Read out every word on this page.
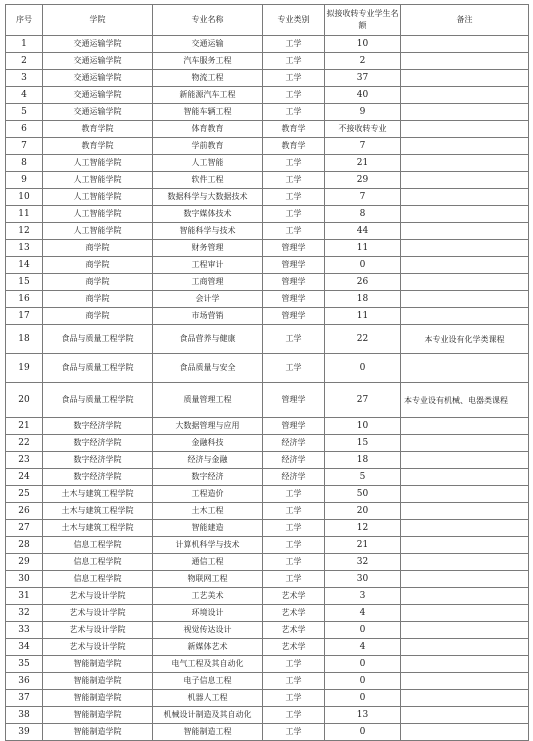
序号	学院	专业名称	专业类别	拟接收转专业学生名额	备注
1	交通运输学院	交通运输	工学	10	
2	交通运输学院	汽车服务工程	工学	2	
3	交通运输学院	物流工程	工学	37	
4	交通运输学院	新能源汽车工程	工学	40	
5	交通运输学院	智能车辆工程	工学	9	
6	教育学院	体育教育	教育学	不接收转专业	
7	教育学院	学前教育	教育学	7	
8	人工智能学院	人工智能	工学	21	
9	人工智能学院	软件工程	工学	29	
10	人工智能学院	数据科学与大数据技术	工学	7	
11	人工智能学院	数字媒体技术	工学	8	
12	人工智能学院	智能科学与技术	工学	44	
13	商学院	财务管理	管理学	11	
14	商学院	工程审计	管理学	0	
15	商学院	工商管理	管理学	26	
16	商学院	会计学	管理学	18	
17	商学院	市场营销	管理学	11	
18	食品与质量工程学院	食品营养与健康	工学	22	本专业设有化学类课程
19	食品与质量工程学院	食品质量与安全	工学	0	
20	食品与质量工程学院	质量管理工程	管理学	27	本专业设有机械、电器类课程
21	数字经济学院	大数据管理与应用	管理学	10	
22	数字经济学院	金融科技	经济学	15	
23	数字经济学院	经济与金融	经济学	18	
24	数字经济学院	数字经济	经济学	5	
25	土木与建筑工程学院	工程造价	工学	50	
26	土木与建筑工程学院	土木工程	工学	20	
27	土木与建筑工程学院	智能建造	工学	12	
28	信息工程学院	计算机科学与技术	工学	21	
29	信息工程学院	通信工程	工学	32	
30	信息工程学院	物联网工程	工学	30	
31	艺术与设计学院	工艺美术	艺术学	3	
32	艺术与设计学院	环境设计	艺术学	4	
33	艺术与设计学院	视觉传达设计	艺术学	0	
34	艺术与设计学院	新媒体艺术	艺术学	4	
35	智能制造学院	电气工程及其自动化	工学	0	
36	智能制造学院	电子信息工程	工学	0	
37	智能制造学院	机器人工程	工学	0	
38	智能制造学院	机械设计制造及其自动化	工学	13	
39	智能制造学院	智能制造工程	工学	0	
